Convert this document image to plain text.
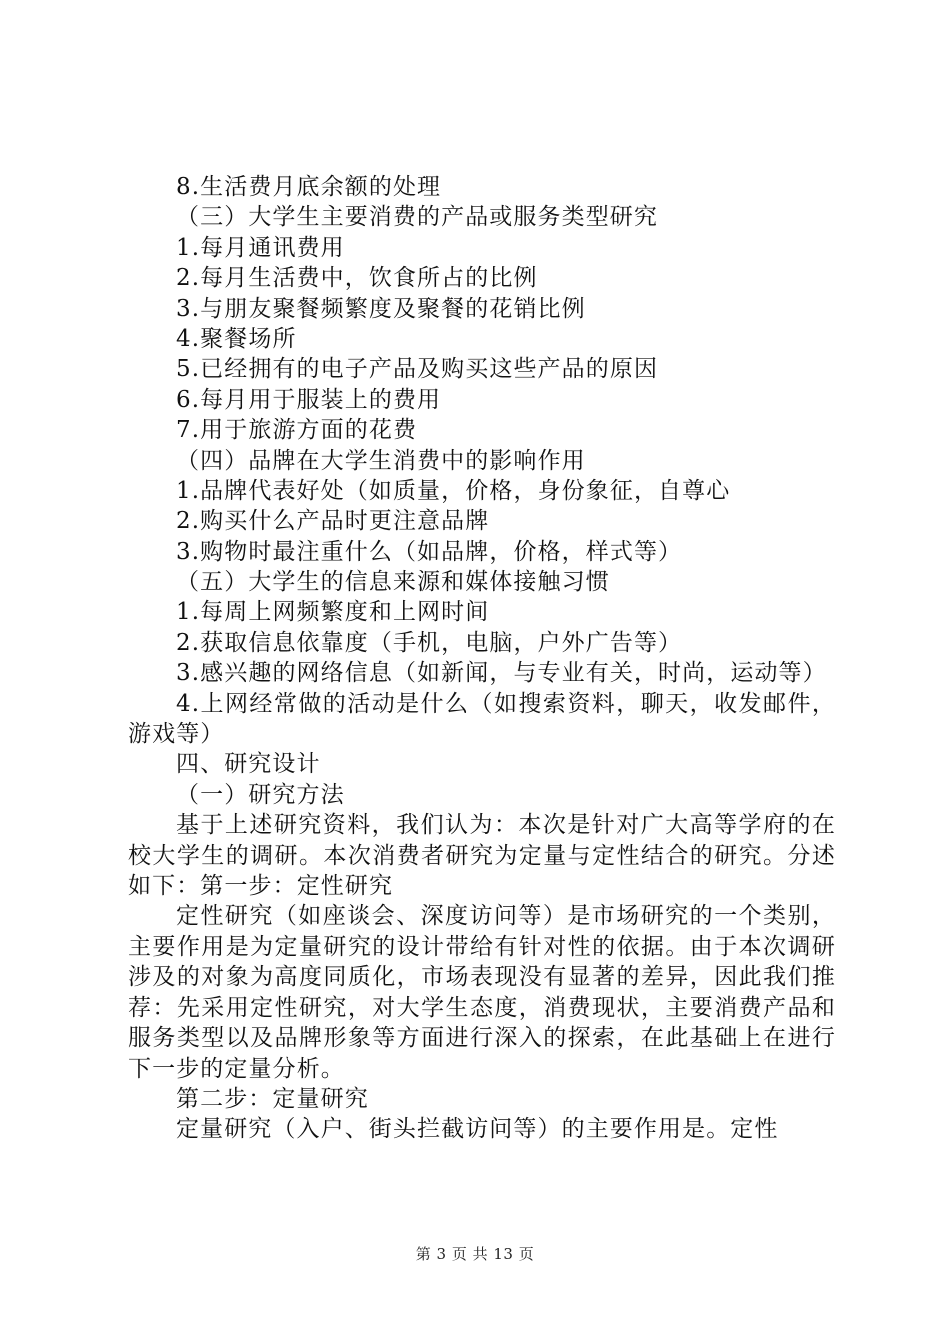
8.生活费月底余额的处理
（三）大学生主要消费的产品或服务类型研究
1.每月通讯费用
2.每月生活费中，饮食所占的比例
3.与朋友聚餐频繁度及聚餐的花销比例
4.聚餐场所
5.已经拥有的电子产品及购买这些产品的原因
6.每月用于服装上的费用
7.用于旅游方面的花费
（四）品牌在大学生消费中的影响作用
1.品牌代表好处（如质量，价格，身份象征，自尊心
2.购买什么产品时更注意品牌
3.购物时最注重什么（如品牌，价格，样式等）
（五）大学生的信息来源和媒体接触习惯
1.每周上网频繁度和上网时间
2.获取信息依靠度（手机，电脑，户外广告等）

3.感兴趣的网络信息（如新闻，与专业有关，时尚，运动等）

4.上网经常做的活动是什么（如搜索资料，聊天，收发邮件，游戏等）

四、研究设计
（一）研究方法

基于上述研究资料，我们认为：本次是针对广大高等学府的在校大学生的调研。本次消费者研究为定量与定性结合的研究。分述如下：第一步：定性研究

定性研究（如座谈会、深度访问等）是市场研究的一个类别，主要作用是为定量研究的设计带给有针对性的依据。由于本次调研涉及的对象为高度同质化，市场表现没有显著的差异，因此我们推荐：先采用定性研究，对大学生态度，消费现状，主要消费产品和服务类型以及品牌形象等方面进行深入的探索，在此基础上在进行下一步的定量分析。

第二步：定量研究

定量研究（入户、街头拦截访问等）的主要作用是。定性

第 3 页 共 13 页
